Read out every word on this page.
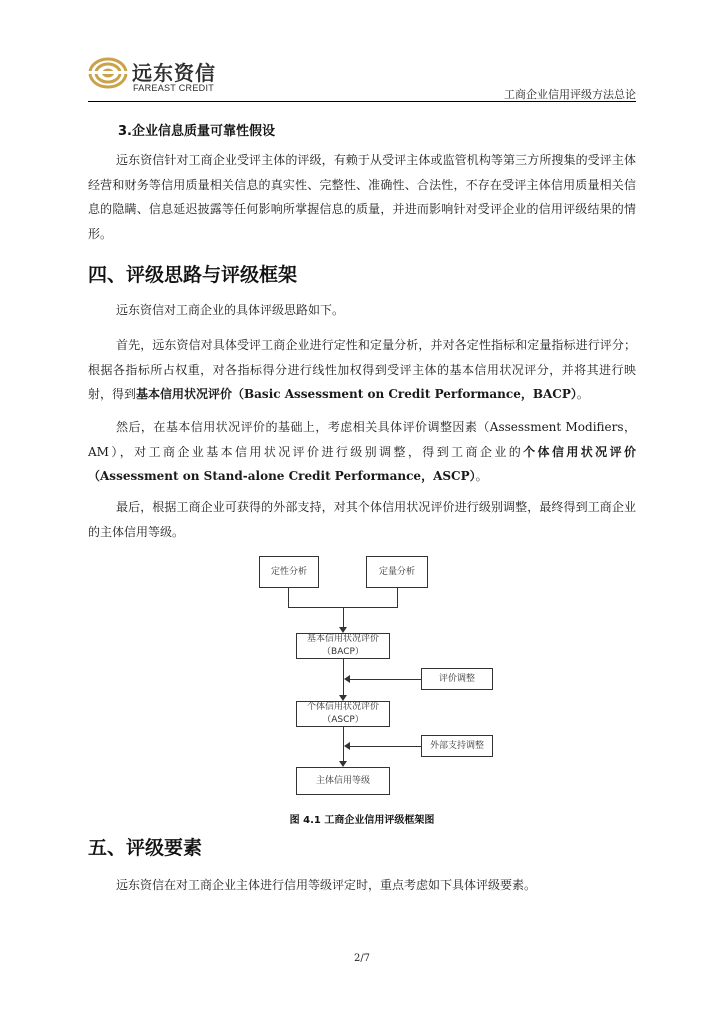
远东资信
FAREAST CREDIT	工商企业信用评级方法总论
3.企业信息质量可靠性假设

远东资信针对工商企业受评主体的评级，有赖于从受评主体或监管机构等第三方所搜集的受评主体经营和财务等信用质量相关信息的真实性、完整性、准确性、合法性，不存在受评主体信用质量相关信息的隐瞒、信息延迟披露等任何影响所掌握信息的质量，并进而影响针对受评企业的信用评级结果的情形。

四、评级思路与评级框架

远东资信对工商企业的具体评级思路如下。

首先，远东资信对具体受评工商企业进行定性和定量分析，并对各定性指标和定量指标进行评分；根据各指标所占权重，对各指标得分进行线性加权得到受评主体的基本信用状况评分，并将其进行映射，得到基本信用状况评价（Basic Assessment on Credit Performance，BACP）。

然后，在基本信用状况评价的基础上，考虑相关具体评价调整因素（Assessment Modifiers，AM），对工商企业基本信用状况评价进行级别调整，得到工商企业的个体信用状况评价（Assessment on Stand-alone Credit Performance，ASCP）。

最后，根据工商企业可获得的外部支持，对其个体信用状况评价进行级别调整，最终得到工商企业的主体信用等级。

定性分析	定量分析
基本信用状况评价
（BACP）
评价调整
个体信用状况评价
（ASCP）
外部支持调整
主体信用等级
图 4.1 工商企业信用评级框架图
五、评级要素

远东资信在对工商企业主体进行信用等级评定时，重点考虑如下具体评级要素。

2/7
